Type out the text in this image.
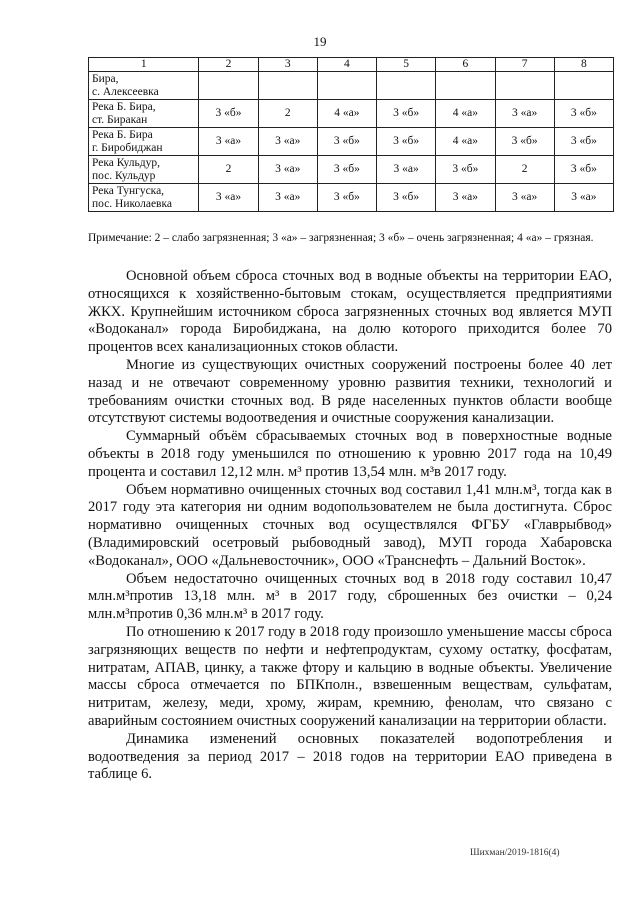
19
1	2	3	4	5	6	7	8

Бира,
с. Алексеевка							

Река Б. Бира,
ст. Биракан	3 «б»	2	4 «а»	3 «б»	4 «а»	3 «а»	3 «б»

Река Б. Бира
г. Биробиджан	3 «а»	3 «а»	3 «б»	3 «б»	4 «а»	3 «б»	3 «б»

Река Кульдур,
пос. Кульдур	2	3 «а»	3 «б»	3 «а»	3 «б»	2	3 «б»

Река Тунгуска,
пос. Николаевка	3 «а»	3 «а»	3 «б»	3 «б»	3 «а»	3 «а»	3 «а»
Примечание: 2 – слабо загрязненная; 3 «а» – загрязненная; 3 «б» – очень загрязненная; 4 «а» – грязная.

Основной объем сброса сточных вод в водные объекты на территории ЕАО, относящихся к хозяйственно-бытовым стокам, осуществляется предприятиями ЖКХ. Крупнейшим источником сброса загрязненных сточных вод является МУП «Водоканал» города Биробиджана, на долю которого приходится более 70 процентов всех канализационных стоков области.

Многие из существующих очистных сооружений построены более 40 лет назад и не отвечают современному уровню развития техники, технологий и требованиям очистки сточных вод. В ряде населенных пунктов области вообще отсутствуют системы водоотведения и очистные сооружения канализации.

Суммарный объём сбрасываемых сточных вод в поверхностные водные объекты в 2018 году уменьшился по отношению к уровню 2017 года на 10,49 процента и составил 12,12 млн. м³ против 13,54 млн. м³в 2017 году.

Объем нормативно очищенных сточных вод составил 1,41 млн.м³, тогда как в 2017 году эта категория ни одним водопользователем не была достигнута. Сброс нормативно очищенных сточных вод осуществлялся ФГБУ «Главрыбвод» (Владимировский осетровый рыбоводный завод), МУП города Хабаровска «Водоканал», ООО «Дальневосточник», ООО «Транснефть – Дальний Восток».

Объем недостаточно очищенных сточных вод в 2018 году составил 10,47 млн.м³против 13,18 млн. м³ в 2017 году, сброшенных без очистки – 0,24 млн.м³против 0,36 млн.м³ в 2017 году.

По отношению к 2017 году в 2018 году произошло уменьшение массы сброса загрязняющих веществ по нефти и нефтепродуктам, сухому остатку, фосфатам, нитратам, АПАВ, цинку, а также фтору и кальцию в водные объекты. Увеличение массы сброса отмечается по БПКполн., взвешенным веществам, сульфатам, нитритам, железу, меди, хрому, жирам, кремнию, фенолам, что связано с аварийным состоянием очистных сооружений канализации на территории области.

Динамика изменений основных показателей водопотребления и водоотведения за период 2017 – 2018 годов на территории ЕАО приведена в таблице 6.

Шихман/2019-1816(4)
